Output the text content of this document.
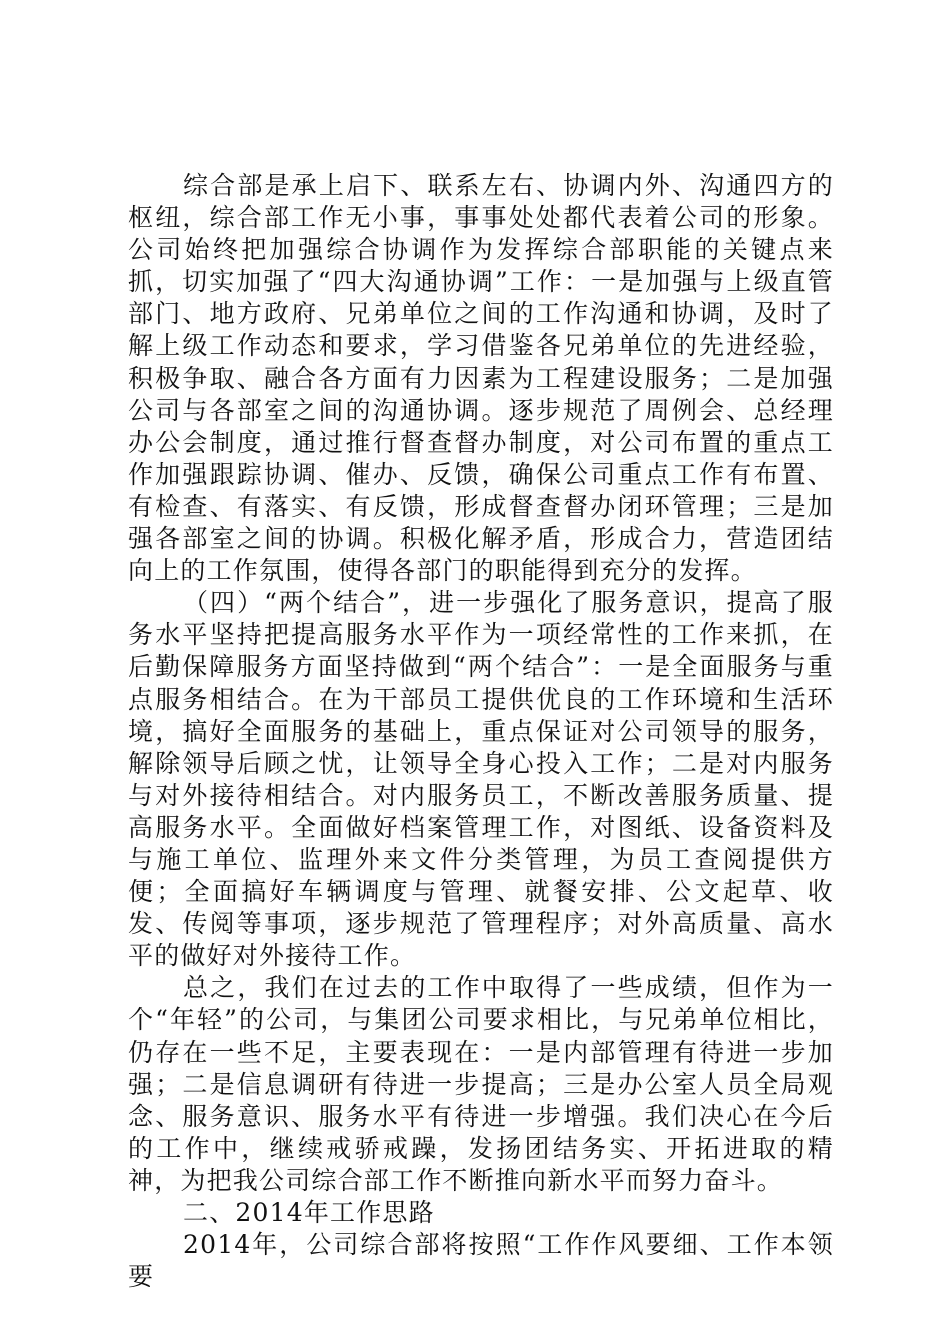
综合部是承上启下、联系左右、协调内外、沟通四方的枢纽，综合部工作无小事，事事处处都代表着公司的形象。公司始终把加强综合协调作为发挥综合部职能的关键点来抓，切实加强了“四大沟通协调”工作：一是加强与上级直管部门、地方政府、兄弟单位之间的工作沟通和协调，及时了解上级工作动态和要求，学习借鉴各兄弟单位的先进经验，积极争取、融合各方面有力因素为工程建设服务；二是加强公司与各部室之间的沟通协调。逐步规范了周例会、总经理办公会制度，通过推行督查督办制度，对公司布置的重点工作加强跟踪协调、催办、反馈，确保公司重点工作有布置、有检查、有落实、有反馈，形成督查督办闭环管理；三是加强各部室之间的协调。积极化解矛盾，形成合力，营造团结向上的工作氛围，使得各部门的职能得到充分的发挥。

（四）“两个结合”，进一步强化了服务意识，提高了服务水平坚持把提高服务水平作为一项经常性的工作来抓，在后勤保障服务方面坚持做到“两个结合”：一是全面服务与重点服务相结合。在为干部员工提供优良的工作环境和生活环境，搞好全面服务的基础上，重点保证对公司领导的服务，解除领导后顾之忧，让领导全身心投入工作；二是对内服务与对外接待相结合。对内服务员工，不断改善服务质量、提高服务水平。全面做好档案管理工作，对图纸、设备资料及与施工单位、监理外来文件分类管理，为员工查阅提供方便；全面搞好车辆调度与管理、就餐安排、公文起草、收发、传阅等事项，逐步规范了管理程序；对外高质量、高水平的做好对外接待工作。

总之，我们在过去的工作中取得了一些成绩，但作为一个“年轻”的公司，与集团公司要求相比，与兄弟单位相比，仍存在一些不足，主要表现在：一是内部管理有待进一步加强；二是信息调研有待进一步提高；三是办公室人员全局观念、服务意识、服务水平有待进一步增强。我们决心在今后的工作中，继续戒骄戒躁，发扬团结务实、开拓进取的精神，为把我公司综合部工作不断推向新水平而努力奋斗。

二、2014年工作思路

2014年，公司综合部将按照“工作作风要细、工作本领要
